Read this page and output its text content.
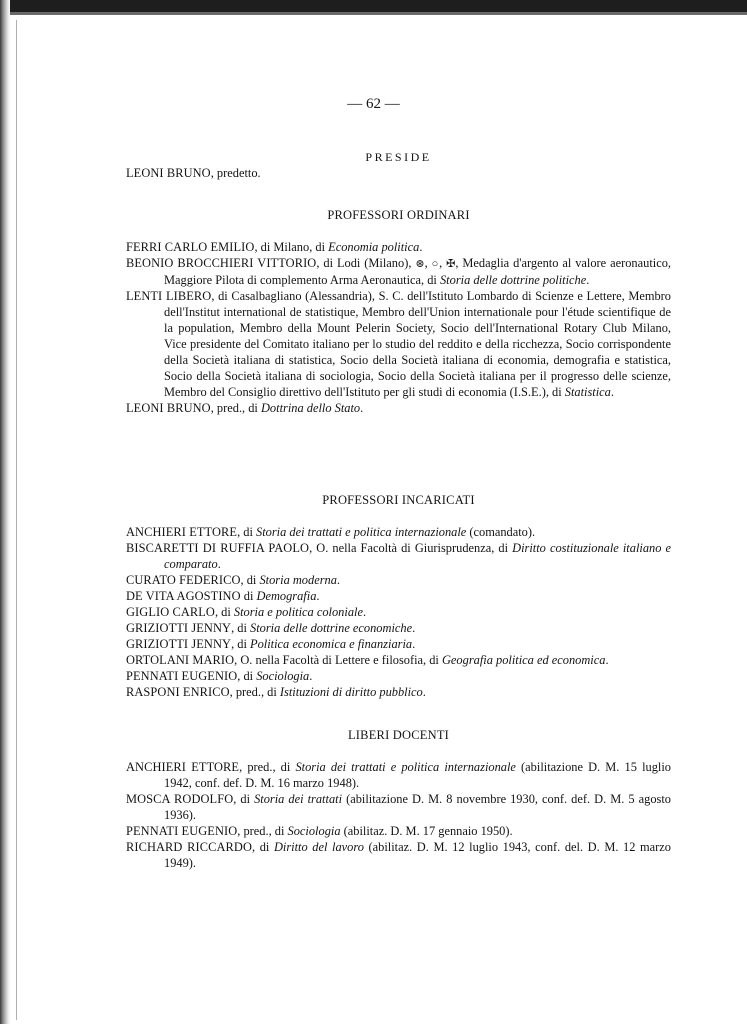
— 62 —
PRESIDE
LEONI BRUNO, predetto.
PROFESSORI ORDINARI
FERRI CARLO EMILIO, di Milano, di Economia politica.
BEONIO BROCCHIERI VITTORIO, di Lodi (Milano), ⊛, ○, ✠, Medaglia d'argento al valore aeronautico, Maggiore Pilota di complemento Arma Aeronautica, di Storia delle dottrine politiche.
LENTI LIBERO, di Casalbagliano (Alessandria), S. C. dell'Istituto Lombardo di Scienze e Lettere, Membro dell'Institut international de statistique, Membro dell'Union internationale pour l'étude scientifique de la population, Membro della Mount Pelerin Society, Socio dell'International Rotary Club Milano, Vice presidente del Comitato italiano per lo studio del reddito e della ricchezza, Socio corrispondente della Società italiana di statistica, Socio della Società italiana di economia, demografia e statistica, Socio della Società italiana di sociologia, Socio della Società italiana per il progresso delle scienze, Membro del Consiglio direttivo dell'Istituto per gli studi di economia (I.S.E.), di Statistica.
LEONI BRUNO, pred., di Dottrina dello Stato.
PROFESSORI INCARICATI
ANCHIERI ETTORE, di Storia dei trattati e politica internazionale (comandato).
BISCARETTI DI RUFFIA PAOLO, O. nella Facoltà di Giurisprudenza, di Diritto costituzionale italiano e comparato.
CURATO FEDERICO, di Storia moderna.
DE VITA AGOSTINO di Demografia.
GIGLIO CARLO, di Storia e politica coloniale.
GRIZIOTTI JENNY, di Storia delle dottrine economiche.
GRIZIOTTI JENNY, di Politica economica e finanziaria.
ORTOLANI MARIO, O. nella Facoltà di Lettere e filosofia, di Geografia politica ed economica.
PENNATI EUGENIO, di Sociologia.
RASPONI ENRICO, pred., di Istituzioni di diritto pubblico.
LIBERI DOCENTI
ANCHIERI ETTORE, pred., di Storia dei trattati e politica internazionale (abilitazione D. M. 15 luglio 1942, conf. def. D. M. 16 marzo 1948).
MOSCA RODOLFO, di Storia dei trattati (abilitazione D. M. 8 novembre 1930, conf. def. D. M. 5 agosto 1936).
PENNATI EUGENIO, pred., di Sociologia (abilitaz. D. M. 17 gennaio 1950).
RICHARD RICCARDO, di Diritto del lavoro (abilitaz. D. M. 12 luglio 1943, conf. del. D. M. 12 marzo 1949).
